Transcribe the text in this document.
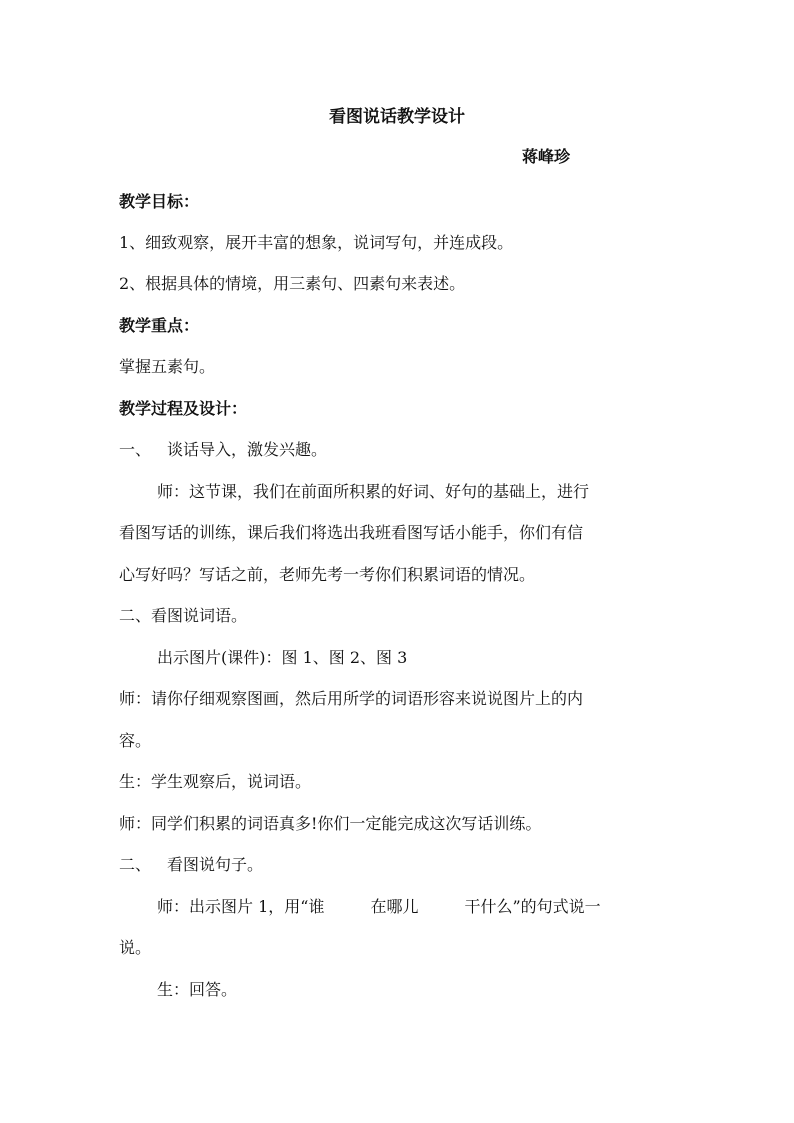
看图说话教学设计
蒋峰珍
教学目标：
1、细致观察，展开丰富的想象，说词写句，并连成段。
2、根据具体的情境，用三素句、四素句来表述。
教学重点：
掌握五素句。
教学过程及设计：
一、 谈话导入，激发兴趣。
师：这节课，我们在前面所积累的好词、好句的基础上，进行
看图写话的训练，课后我们将选出我班看图写话小能手，你们有信
心写好吗？写话之前，老师先考一考你们积累词语的情况。
二、看图说词语。
出示图片(课件)：图 1、图 2、图 3
师：请你仔细观察图画，然后用所学的词语形容来说说图片上的内
容。
生：学生观察后，说词语。
师：同学们积累的词语真多!你们一定能完成这次写话训练。
二、 看图说句子。
师：出示图片 1，用“谁	在哪儿	干什么”的句式说一
说。
生：回答。
